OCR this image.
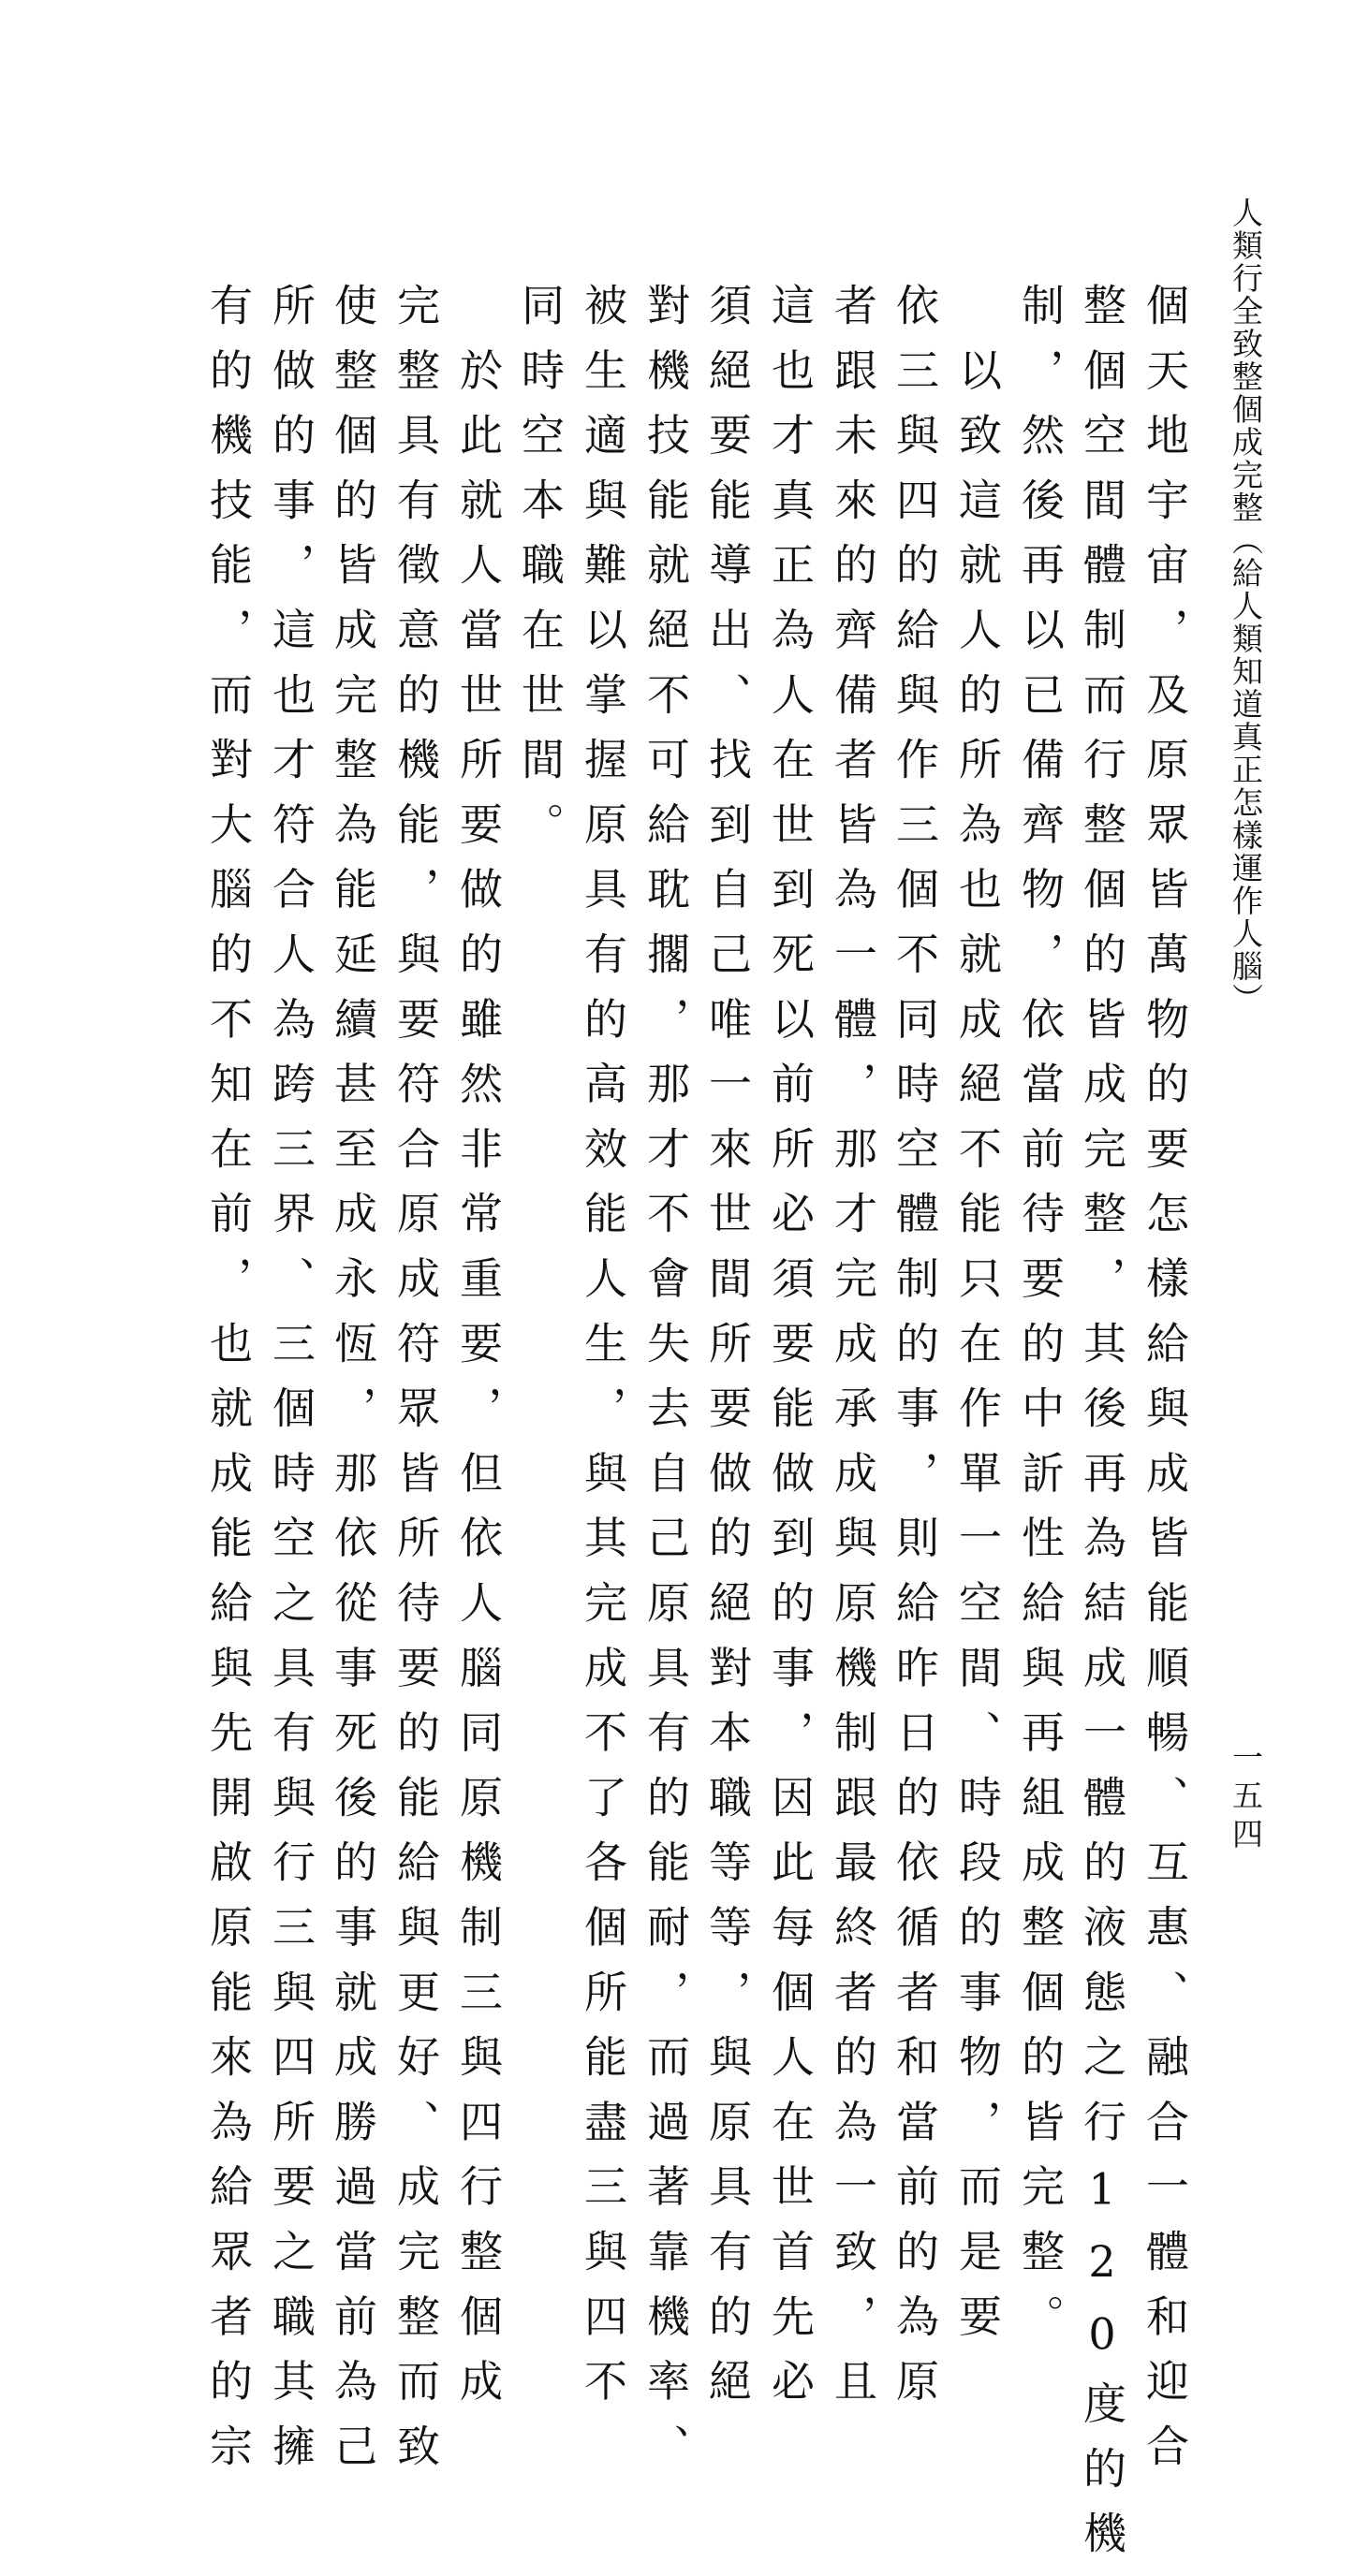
人類行全致整個成完整（給人類知道真正怎樣運作人腦）
一五四
個天地宇宙，及原眾皆萬物的要怎樣給與成皆能順暢、互惠、融合一體和迎合
整個空間體制而行整個的皆成完整，其後再為結成一體的液態之行120度的機
制，然後再以已備齊物，依當前待要的中訢性給與再組成整個的皆完整。
　以致這就人的所為也就成絕不能只在作單一空間、時段的事物，而是要
依三與四的給與作三個不同時空體制的事，則給昨日的依循者和當前的為原
者跟未來的齊備者皆為一體，那才完成承成與原機制跟最終者的為一致，且
這也才真正為人在世到死以前所必須要能做到的事，因此每個人在世首先必
須絕要能導出、找到自己唯一來世間所要做的絕對本職等等，與原具有的絕
對機技能就絕不可給耽擱，那才不會失去自己原具有的能耐，而過著靠機率、
被生適與難以掌握原具有的高效能人生，與其完成不了各個所能盡三與四不
同時空本職在世間。
　於此就人當世所要做的雖然非常重要，但依人腦同原機制三與四行整個成
完整具有徵意的機能，與要符合原成符眾皆所待要的能給與更好、成完整而致
使整個的皆成完整為能延續甚至成永恆，那依從事死後的事就成勝過當前為己
所做的事，這也才符合人為跨三界、三個時空之具有與行三與四所要之職其擁
有的機技能，而對大腦的不知在前，也就成能給與先開啟原能來為給眾者的宗
